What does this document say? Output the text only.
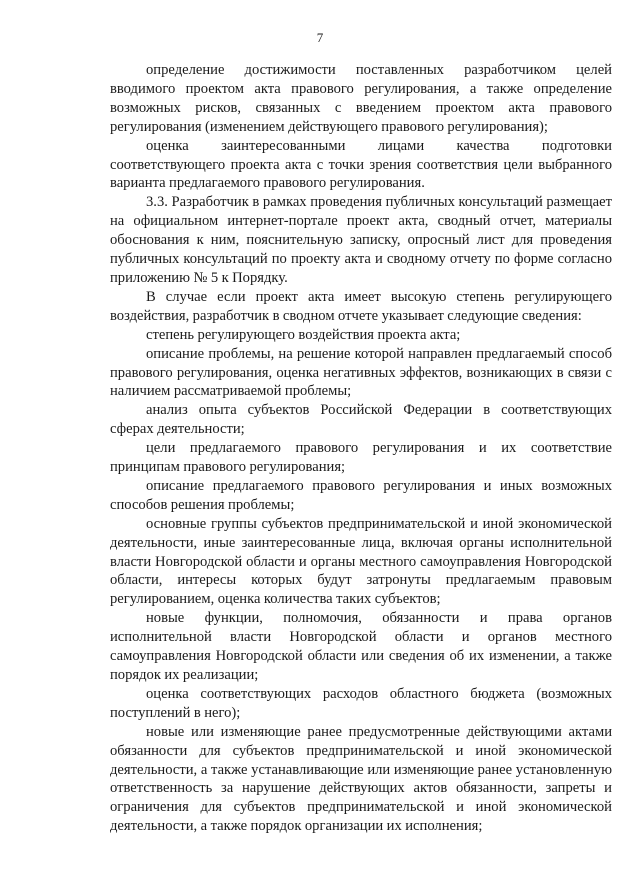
7

определение достижимости поставленных разработчиком целей вводимого проектом акта правового регулирования, а также определение возможных рисков, связанных с введением проектом акта правового регулирования (изменением действующего правового регулирования);

оценка заинтересованными лицами качества подготовки соответствующего проекта акта с точки зрения соответствия цели выбранного варианта предлагаемого правового регулирования.

3.3. Разработчик в рамках проведения публичных консультаций размещает на официальном интернет-портале проект акта, сводный отчет, материалы обоснования к ним, пояснительную записку, опросный лист для проведения публичных консультаций по проекту акта и сводному отчету по форме согласно приложению № 5 к Порядку.

В случае если проект акта имеет высокую степень регулирующего воздействия, разработчик в сводном отчете указывает следующие сведения:

степень регулирующего воздействия проекта акта;

описание проблемы, на решение которой направлен предлагаемый способ правового регулирования, оценка негативных эффектов, возникающих в связи с наличием рассматриваемой проблемы;

анализ опыта субъектов Российской Федерации в соответствующих сферах деятельности;

цели предлагаемого правового регулирования и их соответствие принципам правового регулирования;

описание предлагаемого правового регулирования и иных возможных способов решения проблемы;

основные группы субъектов предпринимательской и иной экономической деятельности, иные заинтересованные лица, включая органы исполнительной власти Новгородской области и органы местного самоуправления Новгородской области, интересы которых будут затронуты предлагаемым правовым регулированием, оценка количества таких субъектов;

новые функции, полномочия, обязанности и права органов исполнительной власти Новгородской области и органов местного самоуправления Новгородской области или сведения об их изменении, а также порядок их реализации;

оценка соответствующих расходов областного бюджета (возможных поступлений в него);

новые или изменяющие ранее предусмотренные действующими актами обязанности для субъектов предпринимательской и иной экономической деятельности, а также устанавливающие или изменяющие ранее установленную ответственность за нарушение действующих актов обязанности, запреты и ограничения для субъектов предпринимательской и иной экономической деятельности, а также порядок организации их исполнения;
